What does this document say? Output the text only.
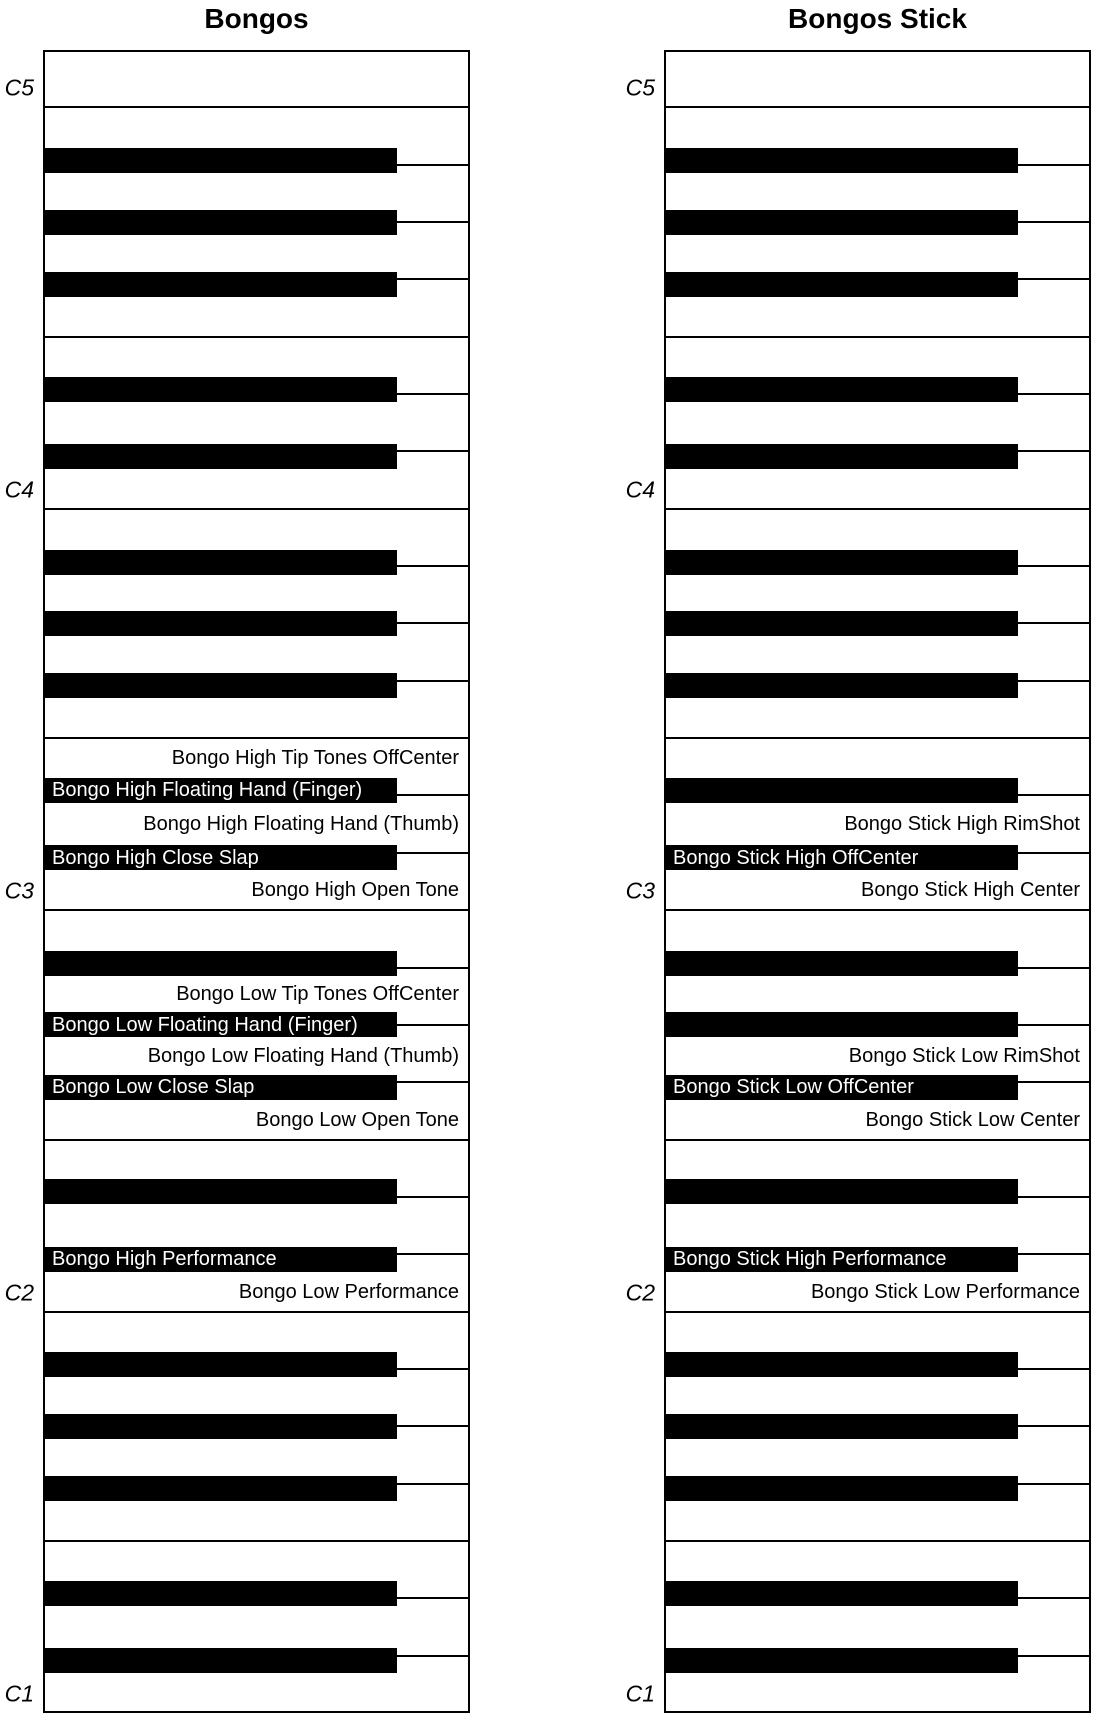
Bongos
Bongo High Floating Hand (Finger)
Bongo High Close Slap
Bongo Low Floating Hand (Finger)
Bongo Low Close Slap
Bongo High Performance
Bongo High Tip Tones OffCenter
Bongo High Floating Hand (Thumb)
Bongo High Open Tone
Bongo Low Tip Tones OffCenter
Bongo Low Floating Hand (Thumb)
Bongo Low Open Tone
Bongo Low Performance
C5
C4
C3
C2
C1
Bongos Stick
Bongo Stick High OffCenter
Bongo Stick Low OffCenter
Bongo Stick High Performance
Bongo Stick High RimShot
Bongo Stick High Center
Bongo Stick Low RimShot
Bongo Stick Low Center
Bongo Stick Low Performance
C5
C4
C3
C2
C1
